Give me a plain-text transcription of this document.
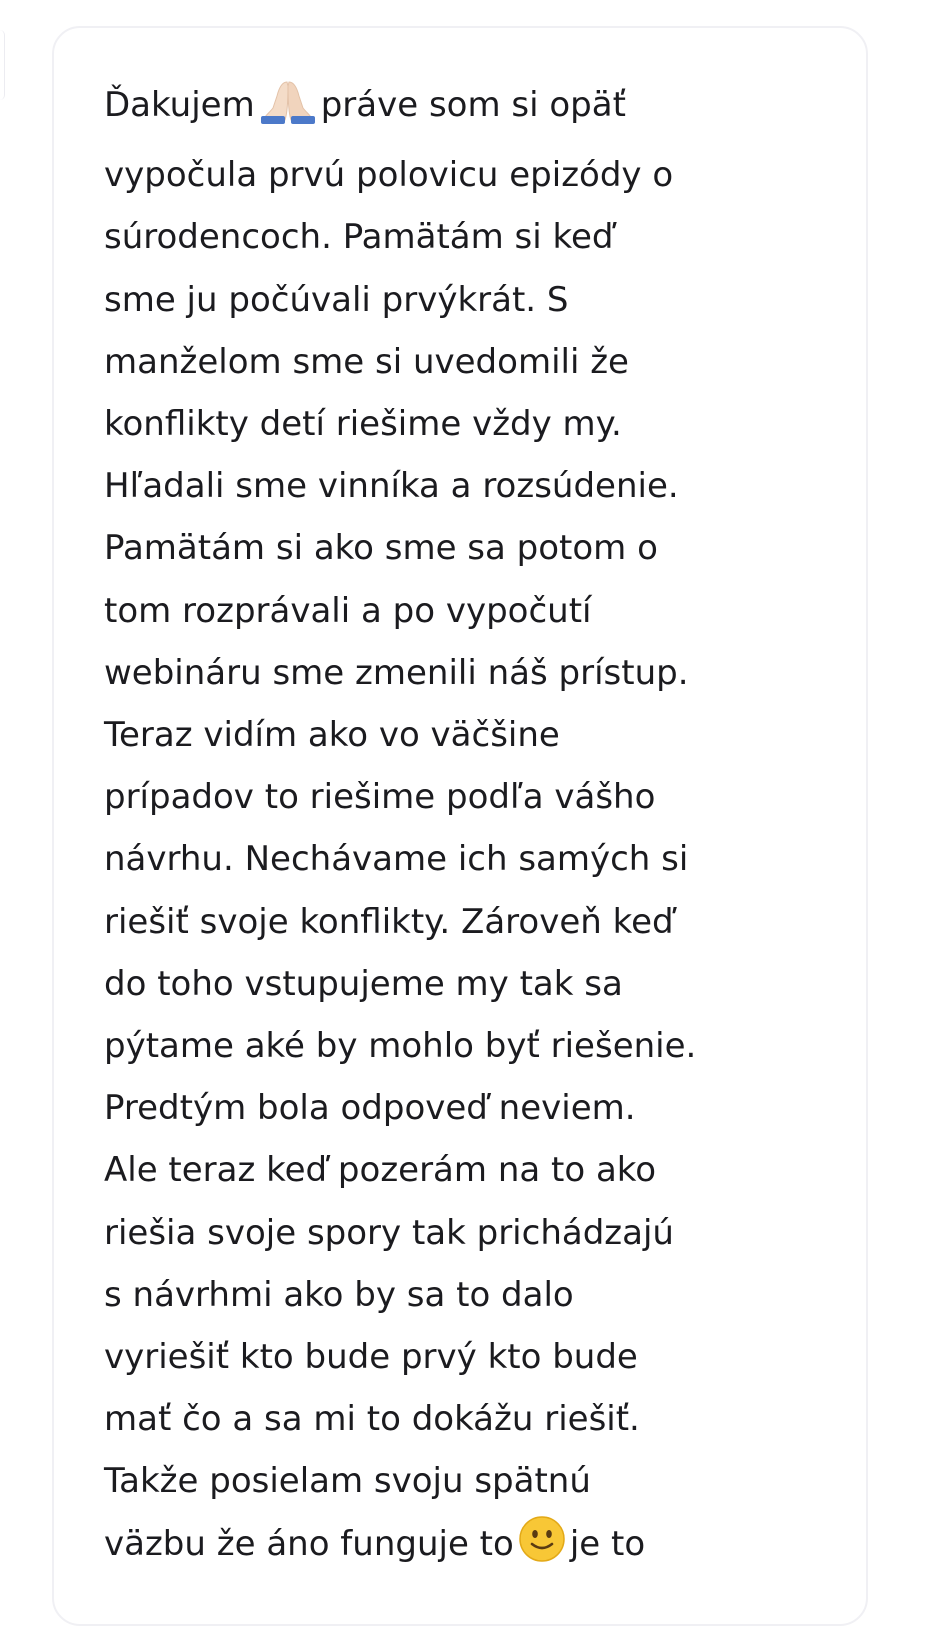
Ďakujem práve som si opäť
vypočula prvú polovicu epizódy o
súrodencoch. Pamätám si keď
sme ju počúvali prvýkrát. S
manželom sme si uvedomili že
konflikty detí riešime vždy my.
Hľadali sme vinníka a rozsúdenie.
Pamätám si ako sme sa potom o
tom rozprávali a po vypočutí
webináru sme zmenili náš prístup.
Teraz vidím ako vo väčšine
prípadov to riešime podľa vášho
návrhu. Nechávame ich samých si
riešiť svoje konflikty. Zároveň keď
do toho vstupujeme my tak sa
pýtame aké by mohlo byť riešenie.
Predtým bola odpoveď neviem.
Ale teraz keď pozerám na to ako
riešia svoje spory tak prichádzajú
s návrhmi ako by sa to dalo
vyriešiť kto bude prvý kto bude
mať čo a sa mi to dokážu riešiť.
Takže posielam svoju spätnú
väzbu že áno funguje to je to
